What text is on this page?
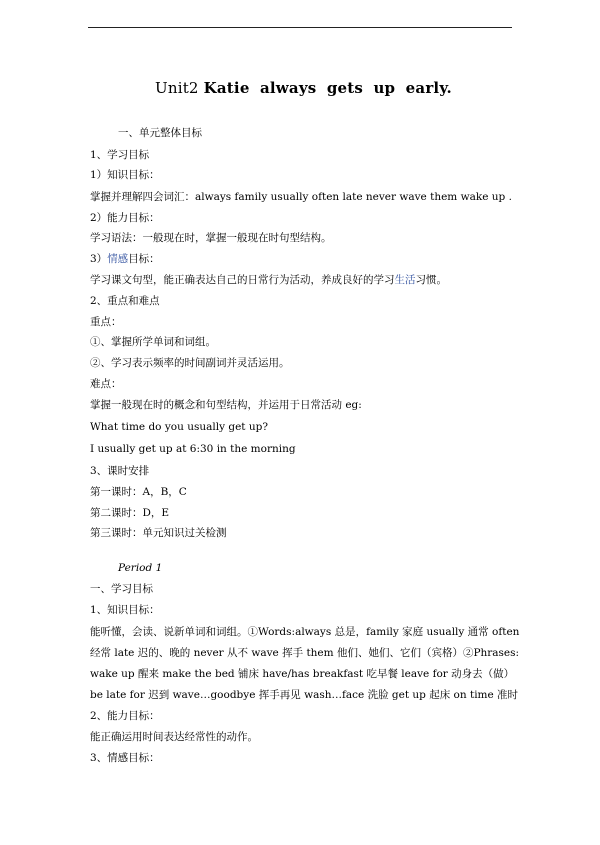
Unit2 Katie always gets up early.
一、单元整体目标
1、学习目标
1）知识目标：
掌握并理解四会词汇：always family usually often late never wave them wake up .
2）能力目标：
学习语法：一般现在时，掌握一般现在时句型结构。
3）情感目标：
学习课文句型，能正确表达自己的日常行为活动，养成良好的学习生活习惯。
2、重点和难点
重点：
①、掌握所学单词和词组。
②、学习表示频率的时间副词并灵活运用。
难点：
掌握一般现在时的概念和句型结构，并运用于日常活动 eg:
What time do you usually get up?
I usually get up at 6:30 in the morning
3、课时安排
第一课时：A，B，C
第二课时：D，E
第三课时：单元知识过关检测
Period 1
一、学习目标
1、知识目标：
能听懂，会读、说新单词和词组。①Words:always 总是，family 家庭 usually 通常 often
经常 late 迟的、晚的 never 从不 wave 挥手 them 他们、她们、它们（宾格）②Phrases:
wake up 醒来 make the bed 铺床 have/has breakfast 吃早餐 leave for 动身去（做）
be late for 迟到 wave…goodbye 挥手再见 wash…face 洗脸 get up 起床 on time 准时
2、能力目标：
能正确运用时间表达经常性的动作。
3、情感目标：
